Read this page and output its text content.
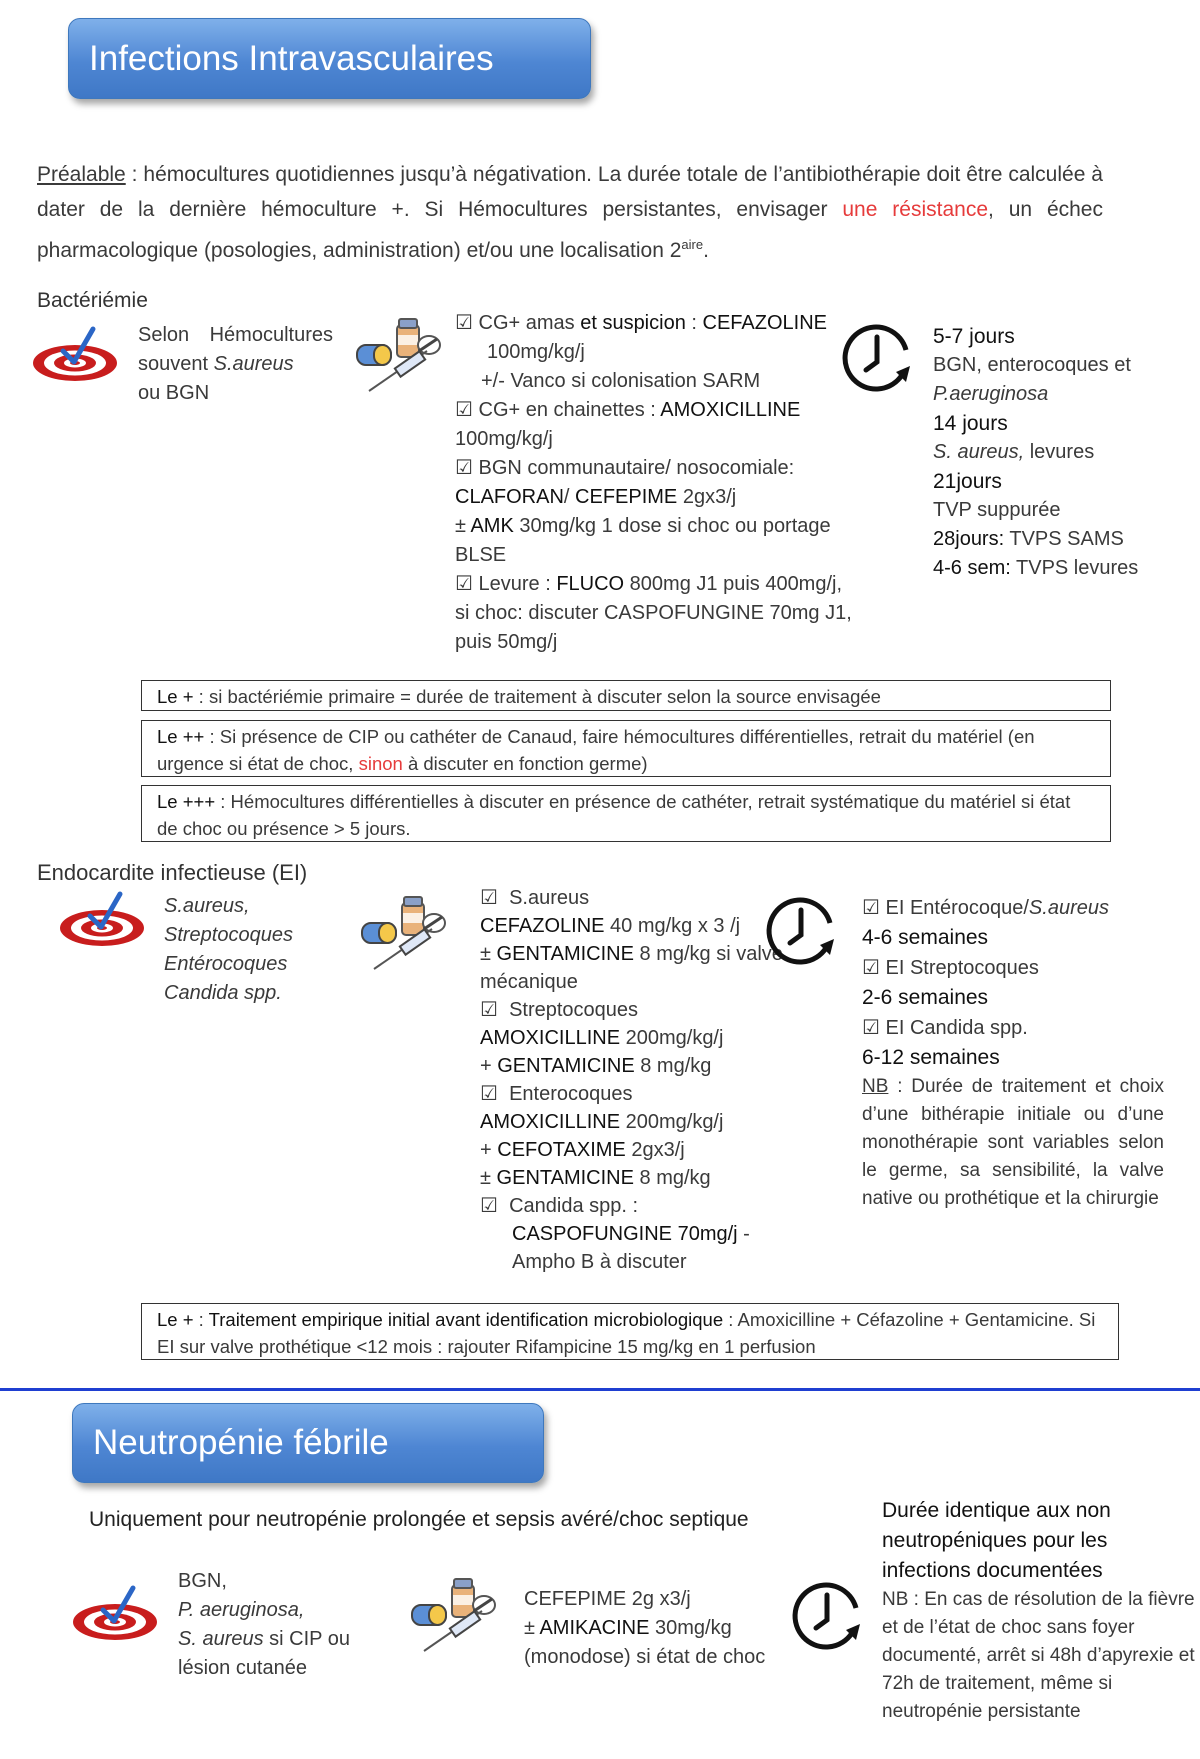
Infections Intravasculaires
Préalable : hémocultures quotidiennes jusqu’à négativation. La durée totale de l’antibiothérapie doit être calculée à dater de la dernière hémoculture +. Si Hémocultures persistantes, envisager une résistance, un échec pharmacologique (posologies, administration) et/ou une localisation $2^{aire}$.
Bactériémie
Selon Hémocultures
souvent S.aureus
ou BGN
☑ CG+ amas et suspicion : CEFAZOLINE
100mg/kg/j
+/- Vanco si colonisation SARM
☑ CG+ en chainettes : AMOXICILLINE
100mg/kg/j
☑ BGN communautaire/ nosocomiale:
CLAFORAN/ CEFEPIME 2gx3/j
± AMK 30mg/kg 1 dose si choc ou portage
BLSE
☑ Levure : FLUCO 800mg J1 puis 400mg/j,
si choc: discuter CASPOFUNGINE 70mg J1,
puis 50mg/j
5-7 jours
BGN, enterocoques et
P.aeruginosa
14 jours
S. aureus, levures
21jours
TVP suppurée
28jours: TVPS SAMS
4-6 sem: TVPS levures
Le + : si bactériémie primaire = durée de traitement à discuter selon la source envisagée
Le ++ : Si présence de CIP ou cathéter de Canaud, faire hémocultures différentielles, retrait du matériel (en urgence si état de choc, sinon à discuter en fonction germe)
Le +++ : Hémocultures différentielles à discuter en présence de cathéter, retrait systématique du matériel si état de choc ou présence > 5 jours.
Endocardite infectieuse (EI)
S.aureus,
Streptocoques
Entérocoques
Candida spp.
☑ S.aureus
CEFAZOLINE 40 mg/kg x 3 /j
± GENTAMICINE 8 mg/kg si valve
mécanique
☑ Streptocoques
AMOXICILLINE 200mg/kg/j
+ GENTAMICINE 8 mg/kg
☑ Enterocoques
AMOXICILLINE 200mg/kg/j
+ CEFOTAXIME 2gx3/j
± GENTAMICINE 8 mg/kg
☑ Candida spp. :
CASPOFUNGINE 70mg/j -
Ampho B à discuter
☑ EI Entérocoque/S.aureus
4-6 semaines
☑ EI Streptocoques
2-6 semaines
☑ EI Candida spp.
6-12 semaines
NB : Durée de traitement et choix d’une bithérapie initiale ou d’une monothérapie sont variables selon le germe, sa sensibilité, la valve native ou prothétique et la chirurgie
Le + : Traitement empirique initial avant identification microbiologique : Amoxicilline + Céfazoline + Gentamicine. Si EI sur valve prothétique <12 mois : rajouter Rifampicine 15 mg/kg en 1 perfusion
Neutropénie fébrile
Uniquement pour neutropénie prolongée et sepsis avéré/choc septique
BGN,
P. aeruginosa,
S. aureus si CIP ou
lésion cutanée
CEFEPIME 2g x3/j
± AMIKACINE 30mg/kg
(monodose) si état de choc
Durée identique aux non
neutropéniques pour les
infections documentées
NB : En cas de résolution de la fièvre et de l’état de choc sans foyer documenté, arrêt si 48h d’apyrexie et 72h de traitement, même si neutropénie persistante
